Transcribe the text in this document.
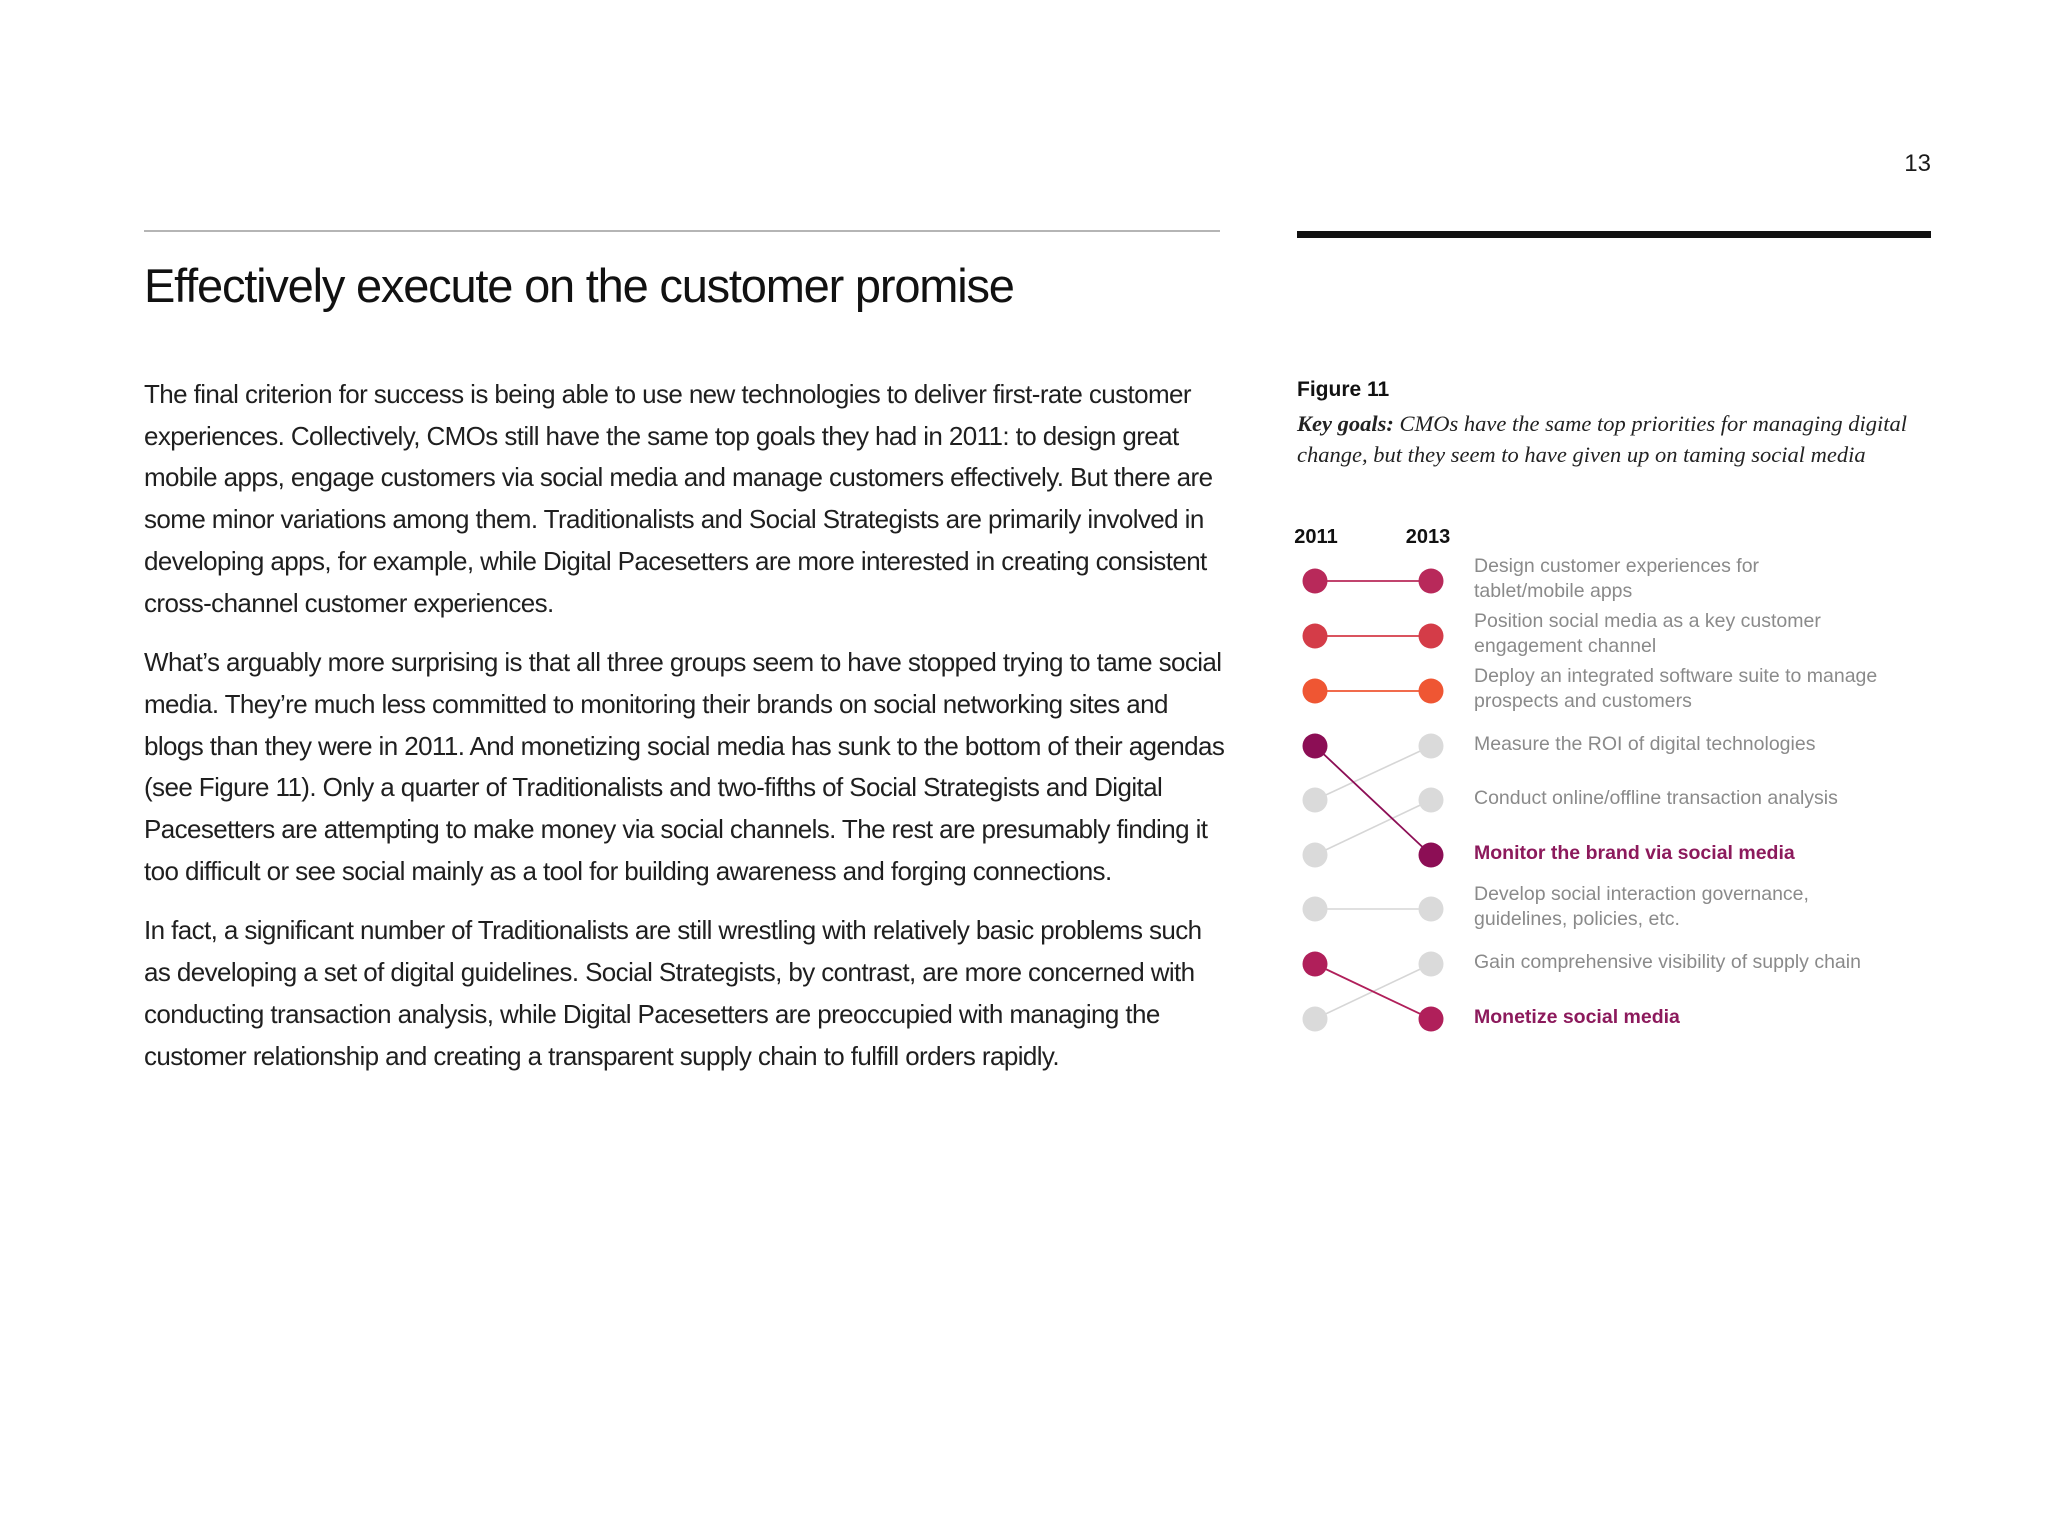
13
Effectively execute on the customer promise

The final criterion for success is being able to use new technologies to deliver first-rate customer experiences. Collectively, CMOs still have the same top goals they had in 2011: to design great mobile apps, engage customers via social media and manage customers effectively. But there are some minor variations among them. Traditionalists and Social Strategists are primarily involved in developing apps, for example, while Digital Pacesetters are more interested in creating consistent cross-channel customer experiences.

What’s arguably more surprising is that all three groups seem to have stopped trying to tame social media. They’re much less committed to monitoring their brands on social networking sites and blogs than they were in 2011. And monetizing social media has sunk to the bottom of their agendas (see Figure 11). Only a quarter of Traditionalists and two-fifths of Social Strategists and Digital Pacesetters are attempting to make money via social channels. The rest are presumably finding it too difficult or see social mainly as a tool for building awareness and forging connections.

In fact, a significant number of Traditionalists are still wrestling with relatively basic problems such as developing a set of digital guidelines. Social Strategists, by contrast, are more concerned with conducting transaction analysis, while Digital Pacesetters are preoccupied with managing the customer relationship and creating a transparent supply chain to fulfill orders rapidly.

Figure 11
Key goals: CMOs have the same top priorities for managing digital change, but they seem to have given up on taming social media
2011	2013
Design customer experiences for
tablet/mobile apps
Position social media as a key customer
engagement channel
Deploy an integrated software suite to manage
prospects and customers
Measure the ROI of digital technologies
Conduct online/offline transaction analysis
Monitor the brand via social media
Develop social interaction governance,
guidelines, policies, etc.
Gain comprehensive visibility of supply chain
Monetize social media
